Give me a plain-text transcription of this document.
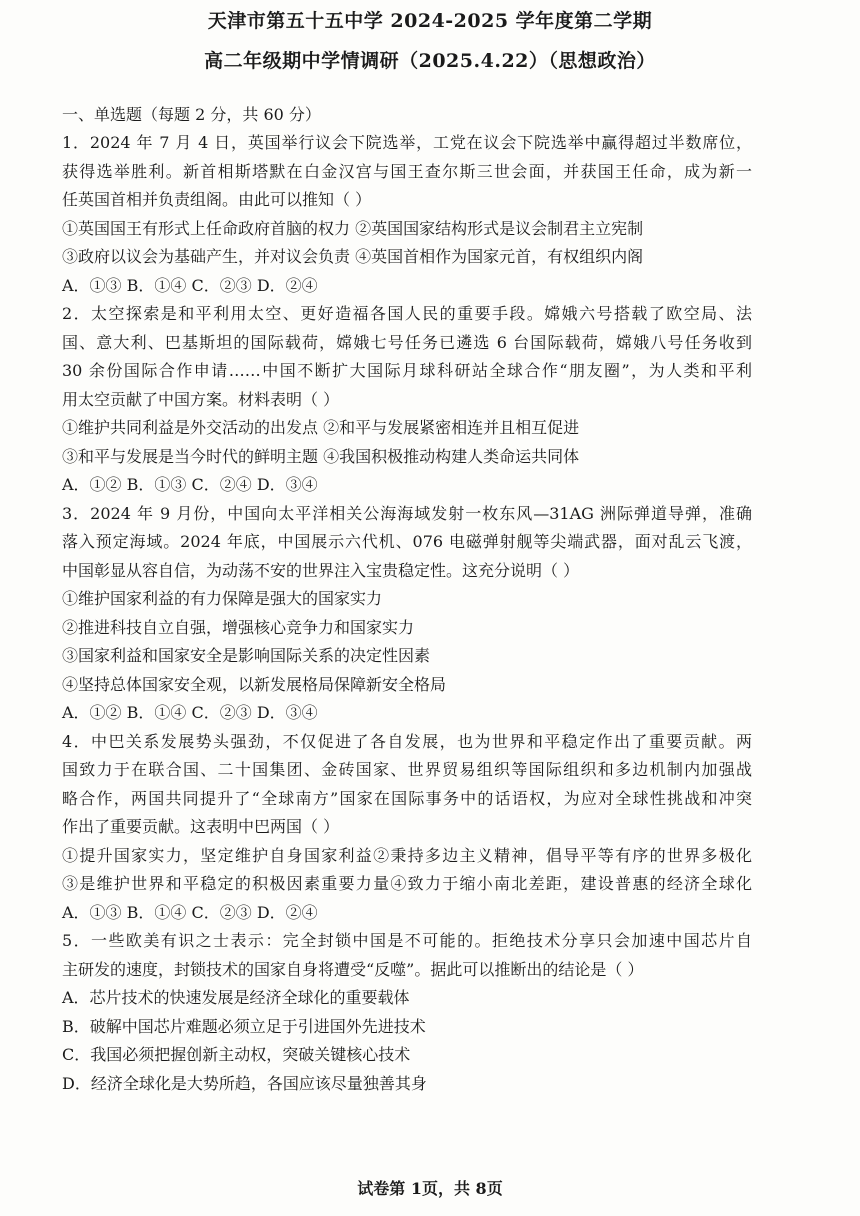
天津市第五十五中学 2024-2025 学年度第二学期
高二年级期中学情调研（2025.4.22）（思想政治）
一、单选题（每题 2 分，共 60 分）
1．2024 年 7 月 4 日，英国举行议会下院选举，工党在议会下院选举中赢得超过半数席位，
获得选举胜利。新首相斯塔默在白金汉宫与国王查尔斯三世会面，并获国王任命，成为新一
任英国首相并负责组阁。由此可以推知（ ）
①英国国王有形式上任命政府首脑的权力 ②英国国家结构形式是议会制君主立宪制
③政府以议会为基础产生，并对议会负责 ④英国首相作为国家元首，有权组织内阁
A．①③ B．①④ C．②③ D．②④
2．太空探索是和平利用太空、更好造福各国人民的重要手段。嫦娥六号搭载了欧空局、法
国、意大利、巴基斯坦的国际载荷，嫦娥七号任务已遴选 6 台国际载荷，嫦娥八号任务收到
30 余份国际合作申请……中国不断扩大国际月球科研站全球合作“朋友圈”，为人类和平利
用太空贡献了中国方案。材料表明（ ）
①维护共同利益是外交活动的出发点 ②和平与发展紧密相连并且相互促进
③和平与发展是当今时代的鲜明主题 ④我国积极推动构建人类命运共同体
A．①② B．①③ C．②④ D．③④
3．2024 年 9 月份，中国向太平洋相关公海海域发射一枚东风—31AG 洲际弹道导弹，准确
落入预定海域。2024 年底，中国展示六代机、076 电磁弹射舰等尖端武器，面对乱云飞渡，
中国彰显从容自信，为动荡不安的世界注入宝贵稳定性。这充分说明（ ）
①维护国家利益的有力保障是强大的国家实力
②推进科技自立自强，增强核心竞争力和国家实力
③国家利益和国家安全是影响国际关系的决定性因素
④坚持总体国家安全观，以新发展格局保障新安全格局
A．①② B．①④ C．②③ D．③④
4．中巴关系发展势头强劲，不仅促进了各自发展，也为世界和平稳定作出了重要贡献。两
国致力于在联合国、二十国集团、金砖国家、世界贸易组织等国际组织和多边机制内加强战
略合作，两国共同提升了“全球南方”国家在国际事务中的话语权，为应对全球性挑战和冲突
作出了重要贡献。这表明中巴两国（ ）
①提升国家实力，坚定维护自身国家利益②秉持多边主义精神，倡导平等有序的世界多极化
③是维护世界和平稳定的积极因素重要力量④致力于缩小南北差距，建设普惠的经济全球化
A．①③ B．①④ C．②③ D．②④
5．一些欧美有识之士表示：完全封锁中国是不可能的。拒绝技术分享只会加速中国芯片自
主研发的速度，封锁技术的国家自身将遭受“反噬”。据此可以推断出的结论是（ ）
A．芯片技术的快速发展是经济全球化的重要载体
B．破解中国芯片难题必须立足于引进国外先进技术
C．我国必须把握创新主动权，突破关键核心技术
D．经济全球化是大势所趋，各国应该尽量独善其身
试卷第 1页，共 8页
